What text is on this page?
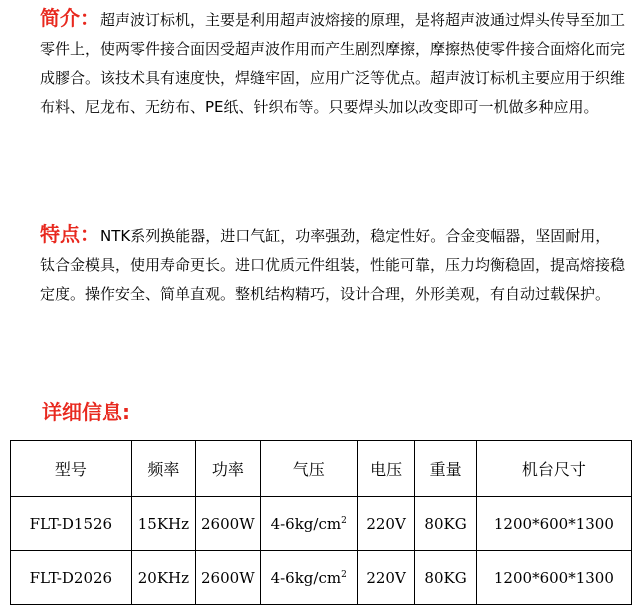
简介：超声波订标机，主要是利用超声波熔接的原理，是将超声波通过焊头传导至加工零件上，使两零件接合面因受超声波作用而产生剧烈摩擦，摩擦热使零件接合面熔化而完成膠合。该技术具有速度快，焊缝牢固，应用广泛等优点。超声波订标机主要应用于织维布料、尼龙布、无纺布、PE纸、针织布等。只要焊头加以改变即可一机做多种应用。
特点：NTK系列换能器，进口气缸，功率强劲，稳定性好。合金变幅器，坚固耐用，钛合金模具，使用寿命更长。进口优质元件组装，性能可靠，压力均衡稳固，提高熔接稳定度。操作安全、简单直观。整机结构精巧，设计合理，外形美观，有自动过载保护。
详细信息:
型号	频率	功率	气压	电压	重量	机台尺寸
FLT-D1526	15KHz	2600W	$4-6kg/cm^2$	220V	80KG	1200*600*1300
FLT-D2026	20KHz	2600W	$4-6kg/cm^2$	220V	80KG	1200*600*1300
